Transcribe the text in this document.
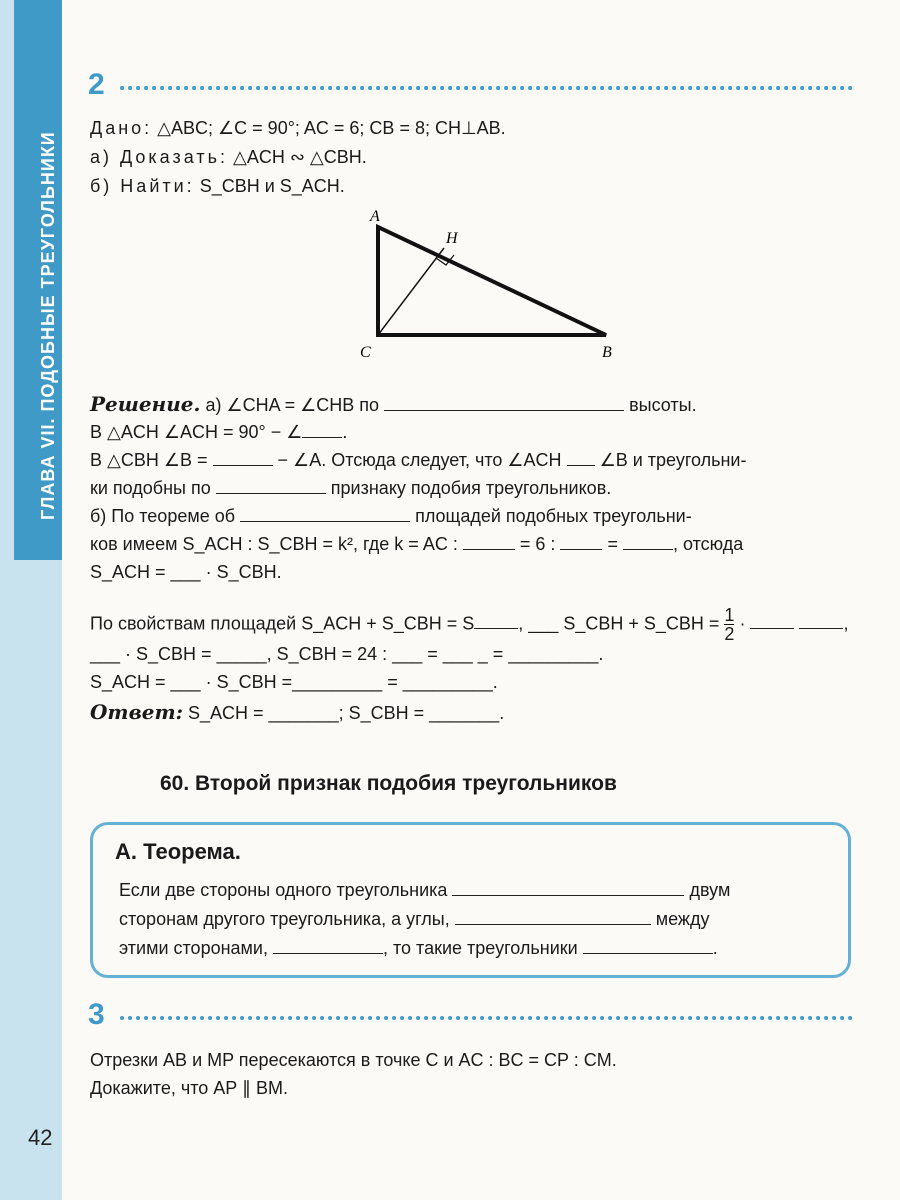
ГЛАВА VII. ПОДОБНЫЕ ТРЕУГОЛЬНИКИ
42
2
Дано: △ABC; ∠C = 90°; AC = 6; CB = 8; CH⊥AB.
а) Доказать: △ACH ∾ △CBH.
б) Найти: S_CBH и S_ACH.
A
H
C	B
Решение. а) ∠CHA = ∠CHB по	высоты.
В △ACH ∠ACH = 90° − ∠ .
В △CBH ∠B =	− ∠A. Отсюда следует, что ∠ACH ∠B и треугольни-
ки подобны по	признаку подобия треугольников.
б) По теореме об	площадей подобных треугольни-
ков имеем S_ACH : S_CBH = k², где k = AC :	= 6 :	=	, отсюда
S_ACH = ___ · S_CBH.
По свойствам площадей S_ACH + S_CBH = S , ___ S_CBH + S_CBH = $\frac{1}{2}$ ·	,
___ · S_CBH = _____, S_CBH = 24 : ___ = ___ _ = _________.
S_ACH = ___ · S_CBH =_________ = _________.
Ответ: S_ACH = _______; S_CBH = _______.
60. Второй признак подобия треугольников
А. Теорема.
Если две стороны одного треугольника	двум
сторонам другого треугольника, а углы,	между
этими сторонами,	, то такие треугольники	.
3
Отрезки AB и MP пересекаются в точке C и AC : BC = CP : CM.
Докажите, что AP ∥ BM.
